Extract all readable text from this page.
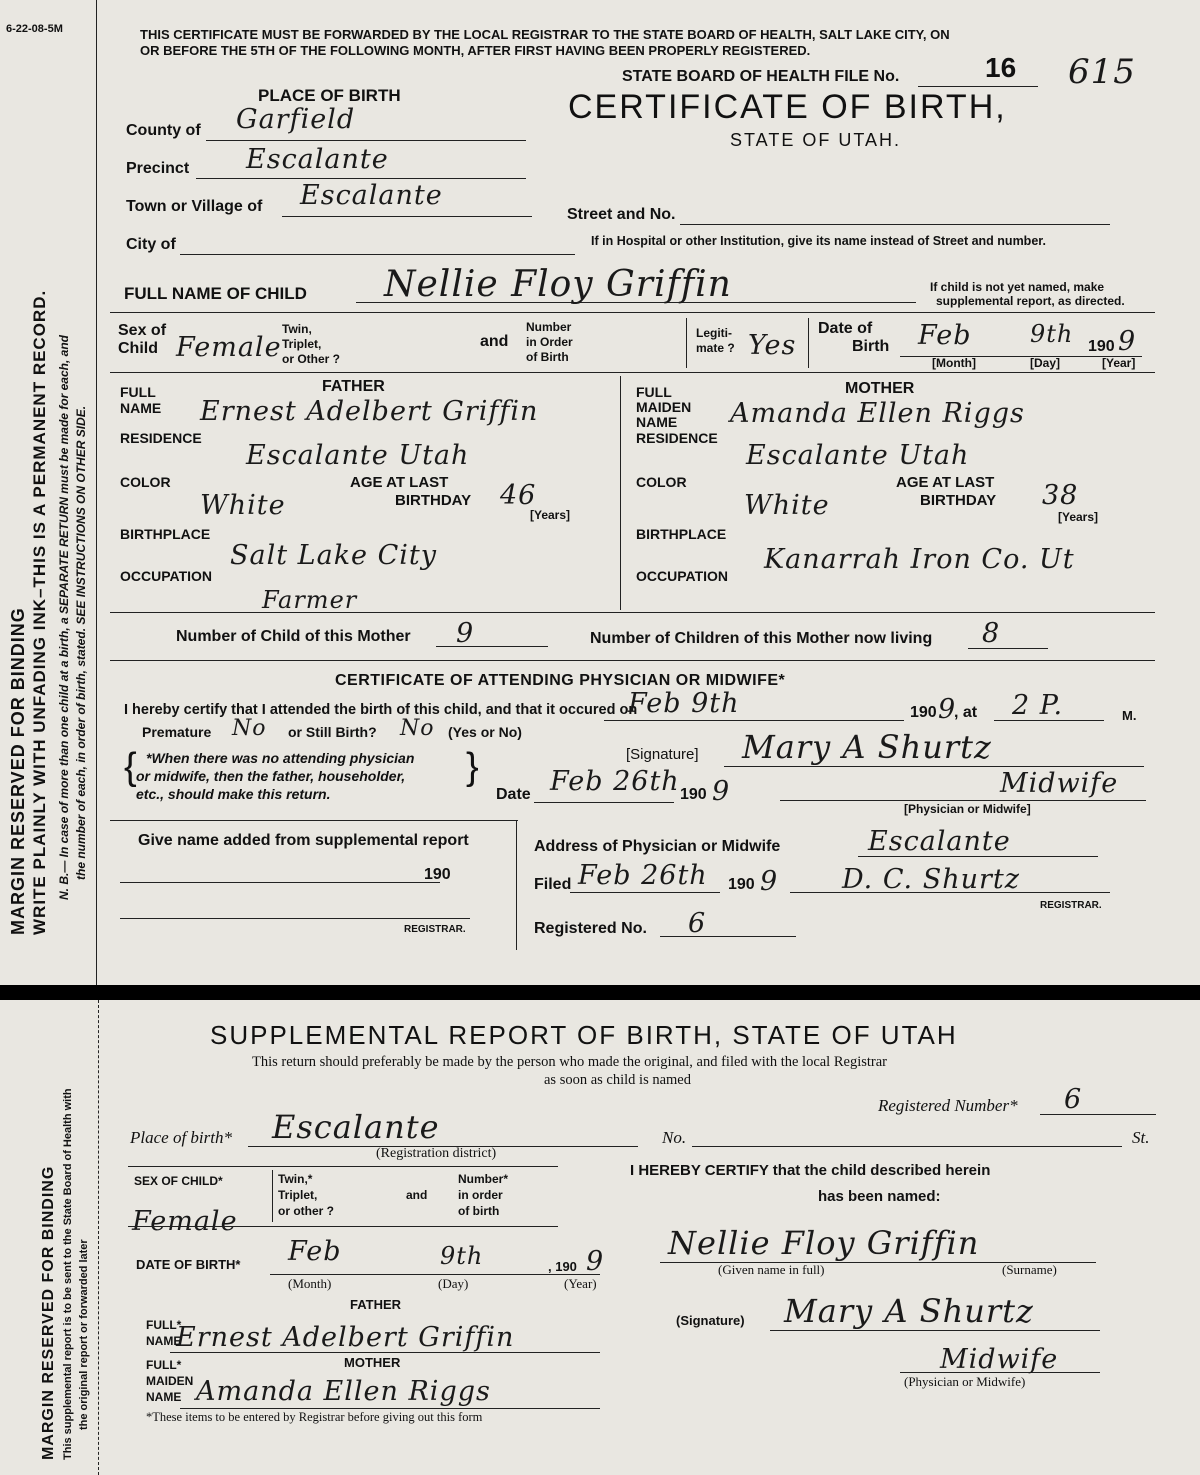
6-22-08-5M
MARGIN RESERVED FOR BINDING WRITE PLAINLY WITH UNFADING INK–THIS IS A PERMANENT RECORD. N. B.— In case of more than one child at a birth, a SEPARATE RETURN must be made for each, and the number of each, in order of birth, stated. SEE INSTRUCTIONS ON OTHER SIDE.
THIS CERTIFICATE MUST BE FORWARDED BY THE LOCAL REGISTRAR TO THE STATE BOARD OF HEALTH, SALT LAKE CITY, ON
OR BEFORE THE 5TH OF THE FOLLOWING MONTH, AFTER FIRST HAVING BEEN PROPERLY REGISTERED.
STATE BOARD OF HEALTH FILE No.	16 615
CERTIFICATE OF BIRTH,
STATE OF UTAH.
PLACE OF BIRTH
County of Garfield
Precinct Escalante
Town or Village of Escalante
Street and No.
City of	If in Hospital or other Institution, give its name instead of Street and number.
FULL NAME OF CHILD Nellie Floy Griffin	If child is not yet named, make
supplemental report, as directed.
Sex of
Child Female
Twin,
Triplet,
or Other ?
and
Number
in Order
of Birth
Legiti-
mate ? Yes
Date of
Birth Feb 9th 190 9
[Month]	[Day]	[Year]
FATHER	MOTHER
FULL
NAME Ernest Adelbert Griffin
FULL
MAIDEN
NAME Amanda Ellen Riggs
RESIDENCE
Escalante Utah
RESIDENCE
Escalante Utah
COLOR	AGE AT LAST
BIRTHDAY
White	46
[Years]
COLOR	AGE AT LAST
BIRTHDAY
White	38
[Years]
BIRTHPLACE
Salt Lake City
BIRTHPLACE
Kanarrah Iron Co. Ut
OCCUPATION
Farmer
OCCUPATION
Number of Child of this Mother 9	Number of Children of this Mother now living 8
CERTIFICATE OF ATTENDING PHYSICIAN OR MIDWIFE*
I hereby certify that I attended the birth of this child, and that it occured on
Feb 9th	190 9
, at 2 P.	M.
Premature No or Still Birth? No (Yes or No)
{ *When there was no attending physician
or midwife, then the father, householder,
etc., should make this return.
}	[Signature] Mary A Shurtz
Date Feb 26th 190 9	Midwife
[Physician or Midwife]
Give name added from supplemental report
190
REGISTRAR.
Address of Physician or Midwife	Escalante
Filed Feb 26th 190 9 D. C. Shurtz
REGISTRAR.
Registered No. 6
MARGIN RESERVED FOR BINDING This supplemental report is to be sent to the State Board of Health with the original report or forwarded later
SUPPLEMENTAL REPORT OF BIRTH, STATE OF UTAH
This return should preferably be made by the person who made the original, and filed with the local Registrar
as soon as child is named
Registered Number* 6
Place of birth* Escalante
(Registration district)
No.	St.
SEX OF CHILD*
Female
Twin,*
Triplet,
or other ?
and
Number*
in order
of birth
DATE OF BIRTH* Feb	9th	, 190 9
(Month)	(Day)	(Year)
FATHER
FULL*
NAME
Ernest Adelbert Griffin
MOTHER
FULL*
MAIDEN
NAME Amanda Ellen Riggs
*These items to be entered by Registrar before giving out this form
I HEREBY CERTIFY that the child described herein
has been named:
Nellie Floy Griffin
(Given name in full)	(Surname)
(Signature) Mary A Shurtz
Midwife
(Physician or Midwife)
